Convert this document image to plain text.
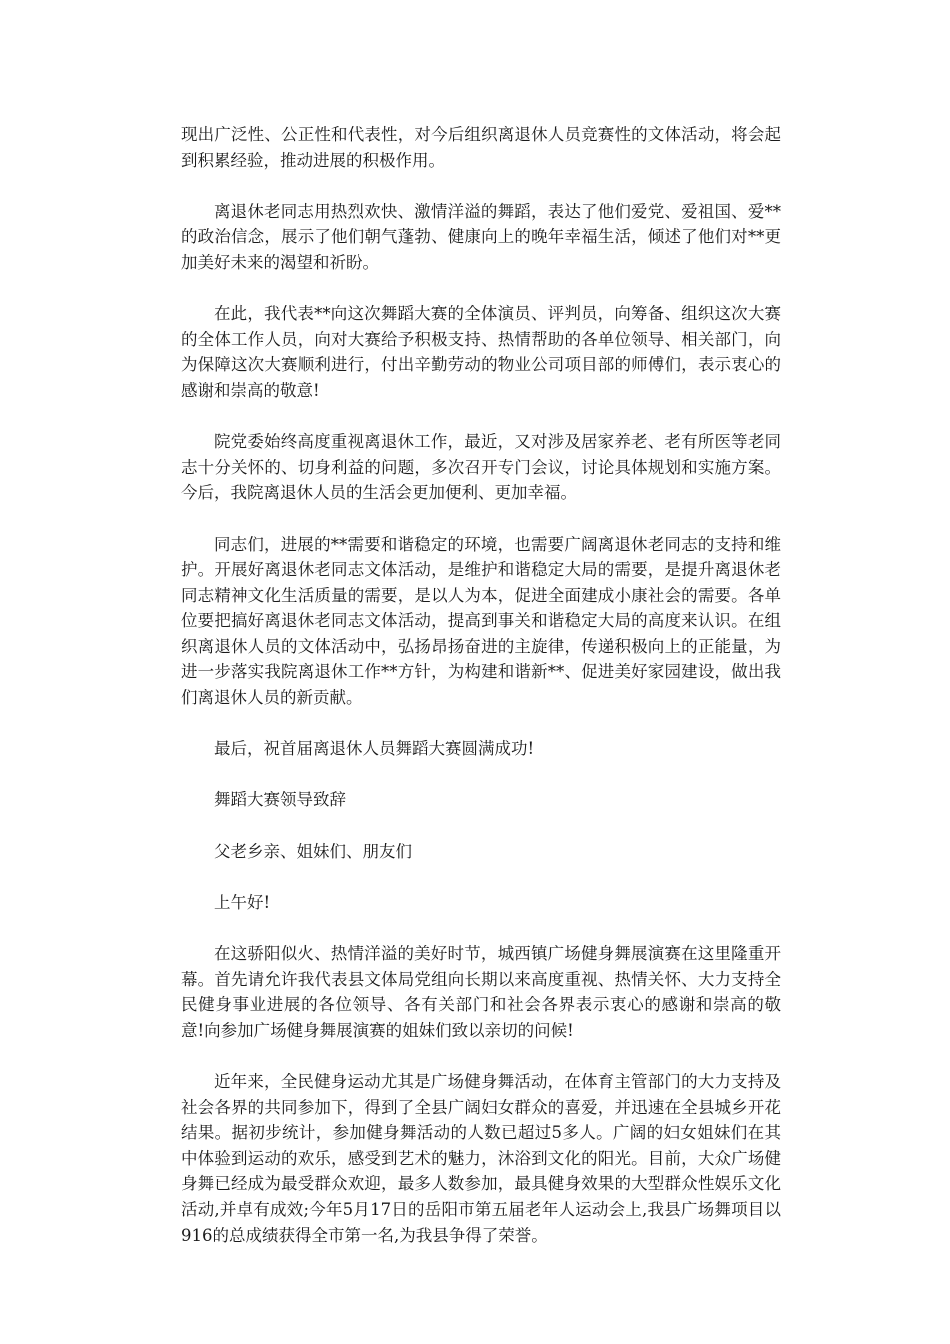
现出广泛性、公正性和代表性，对今后组织离退休人员竞赛性的文体活动，将会起到积累经验，推动进展的积极作用。

离退休老同志用热烈欢快、激情洋溢的舞蹈，表达了他们爱党、爱祖国、爱**的政治信念，展示了他们朝气蓬勃、健康向上的晚年幸福生活，倾述了他们对**更加美好未来的渴望和祈盼。

在此，我代表**向这次舞蹈大赛的全体演员、评判员，向筹备、组织这次大赛的全体工作人员，向对大赛给予积极支持、热情帮助的各单位领导、相关部门，向为保障这次大赛顺利进行，付出辛勤劳动的物业公司项目部的师傅们，表示衷心的感谢和崇高的敬意!

院党委始终高度重视离退休工作，最近，又对涉及居家养老、老有所医等老同志十分关怀的、切身利益的问题，多次召开专门会议，讨论具体规划和实施方案。今后，我院离退休人员的生活会更加便利、更加幸福。

同志们，进展的**需要和谐稳定的环境，也需要广阔离退休老同志的支持和维护。开展好离退休老同志文体活动，是维护和谐稳定大局的需要，是提升离退休老同志精神文化生活质量的需要，是以人为本，促进全面建成小康社会的需要。各单位要把搞好离退休老同志文体活动，提高到事关和谐稳定大局的高度来认识。在组织离退休人员的文体活动中，弘扬昂扬奋进的主旋律，传递积极向上的正能量，为进一步落实我院离退休工作**方针，为构建和谐新**、促进美好家园建设，做出我们离退休人员的新贡献。

最后，祝首届离退休人员舞蹈大赛圆满成功!

舞蹈大赛领导致辞

父老乡亲、姐妹们、朋友们

上午好!

在这骄阳似火、热情洋溢的美好时节，城西镇广场健身舞展演赛在这里隆重开幕。首先请允许我代表县文体局党组向长期以来高度重视、热情关怀、大力支持全民健身事业进展的各位领导、各有关部门和社会各界表示衷心的感谢和崇高的敬意!向参加广场健身舞展演赛的姐妹们致以亲切的问候!

近年来，全民健身运动尤其是广场健身舞活动，在体育主管部门的大力支持及社会各界的共同参加下，得到了全县广阔妇女群众的喜爱，并迅速在全县城乡开花结果。据初步统计，参加健身舞活动的人数已超过5多人。广阔的妇女姐妹们在其中体验到运动的欢乐，感受到艺术的魅力，沐浴到文化的阳光。目前，大众广场健身舞已经成为最受群众欢迎，最多人数参加，最具健身效果的大型群众性娱乐文化活动,并卓有成效;今年5月17日的岳阳市第五届老年人运动会上,我县广场舞项目以916的总成绩获得全市第一名,为我县争得了荣誉。
